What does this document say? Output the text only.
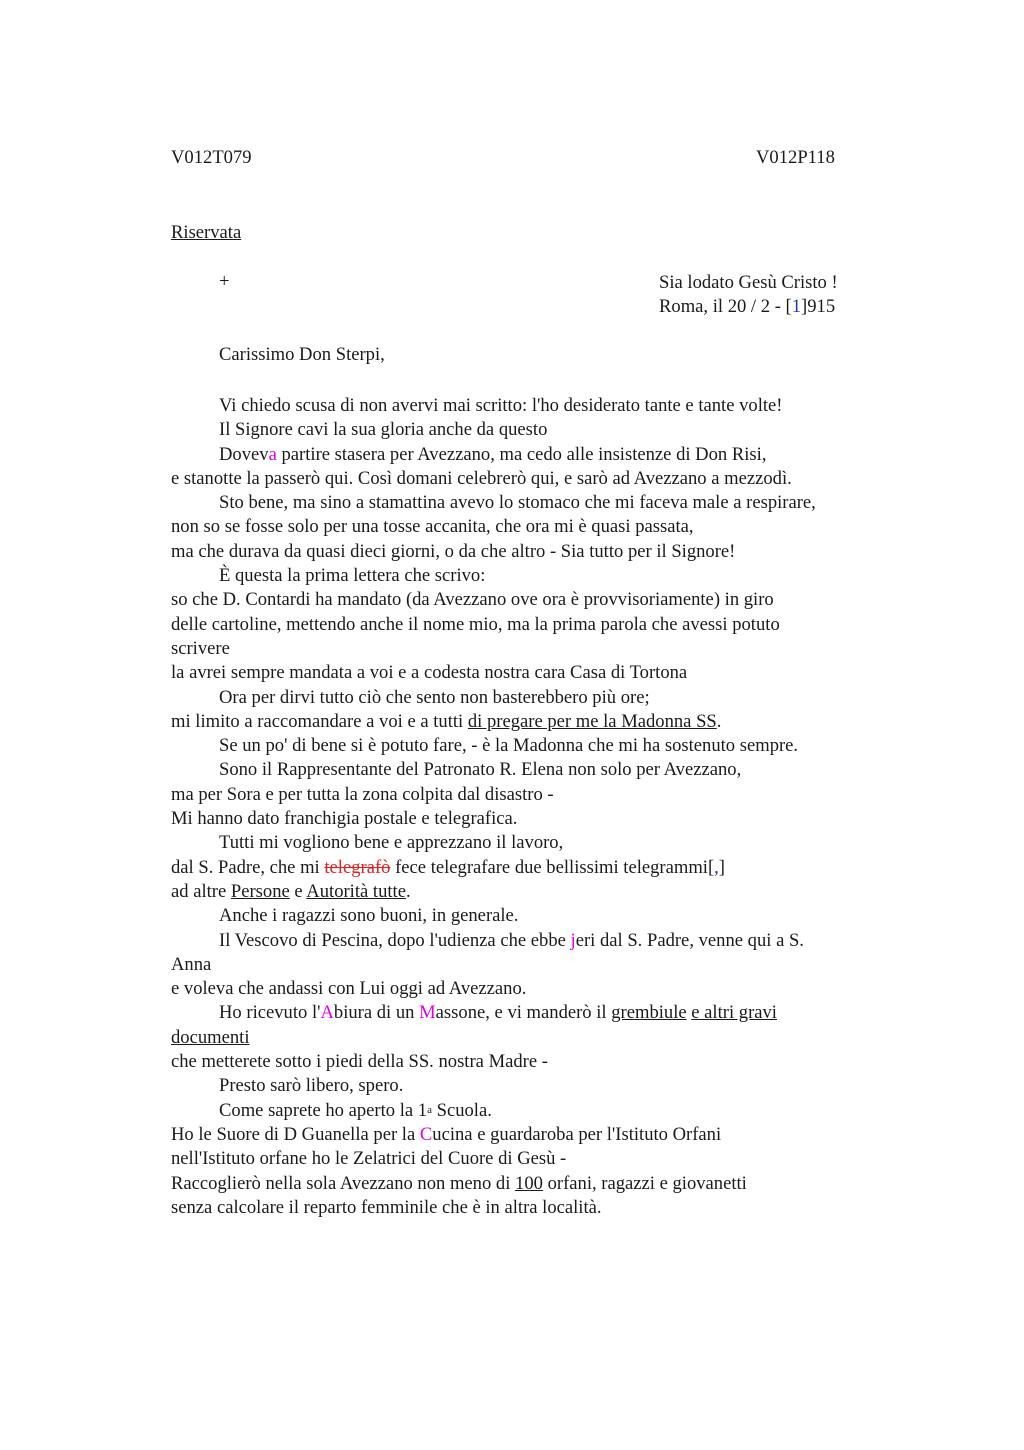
V012T079	V012P118
Riservata
+	Sia lodato Gesù Cristo !
Roma, il 20 / 2 - [1]915
Carissimo Don Sterpi,
Vi chiedo scusa di non avervi mai scritto: l'ho desiderato tante e tante volte!
Il Signore cavi la sua gloria anche da questo
Doveva partire stasera per Avezzano, ma cedo alle insistenze di Don Risi,
e stanotte la passerò qui. Così domani celebrerò qui, e sarò ad Avezzano a mezzodì.
Sto bene, ma sino a stamattina avevo lo stomaco che mi faceva male a respirare,
non so se fosse solo per una tosse accanita, che ora mi è quasi passata,
ma che durava da quasi dieci giorni, o da che altro - Sia tutto per il Signore!
È questa la prima lettera che scrivo:
so che D. Contardi ha mandato (da Avezzano ove ora è provvisoriamente) in giro
delle cartoline, mettendo anche il nome mio, ma la prima parola che avessi potuto
scrivere
la avrei sempre mandata a voi e a codesta nostra cara Casa di Tortona
Ora per dirvi tutto ciò che sento non basterebbero più ore;
mi limito a raccomandare a voi e a tutti di pregare per me la Madonna SS.
Se un po' di bene si è potuto fare, - è la Madonna che mi ha sostenuto sempre.
Sono il Rappresentante del Patronato R. Elena non solo per Avezzano,
ma per Sora e per tutta la zona colpita dal disastro -
Mi hanno dato franchigia postale e telegrafica.
Tutti mi vogliono bene e apprezzano il lavoro,
dal S. Padre, che mi telegrafò fece telegrafare due bellissimi telegrammi[,]
ad altre Persone e Autorità tutte.
Anche i ragazzi sono buoni, in generale.
Il Vescovo di Pescina, dopo l'udienza che ebbe jeri dal S. Padre, venne qui a S.
Anna
e voleva che andassi con Lui oggi ad Avezzano.
Ho ricevuto l'Abiura di un Massone, e vi manderò il grembiule e altri gravi
documenti
che metterete sotto i piedi della SS. nostra Madre -
Presto sarò libero, spero.
Come saprete ho aperto la 1$^a$ Scuola.
Ho le Suore di D Guanella per la Cucina e guardaroba per l'Istituto Orfani
nell'Istituto orfane ho le Zelatrici del Cuore di Gesù -
Raccoglierò nella sola Avezzano non meno di 100 orfani, ragazzi e giovanetti
senza calcolare il reparto femminile che è in altra località.
